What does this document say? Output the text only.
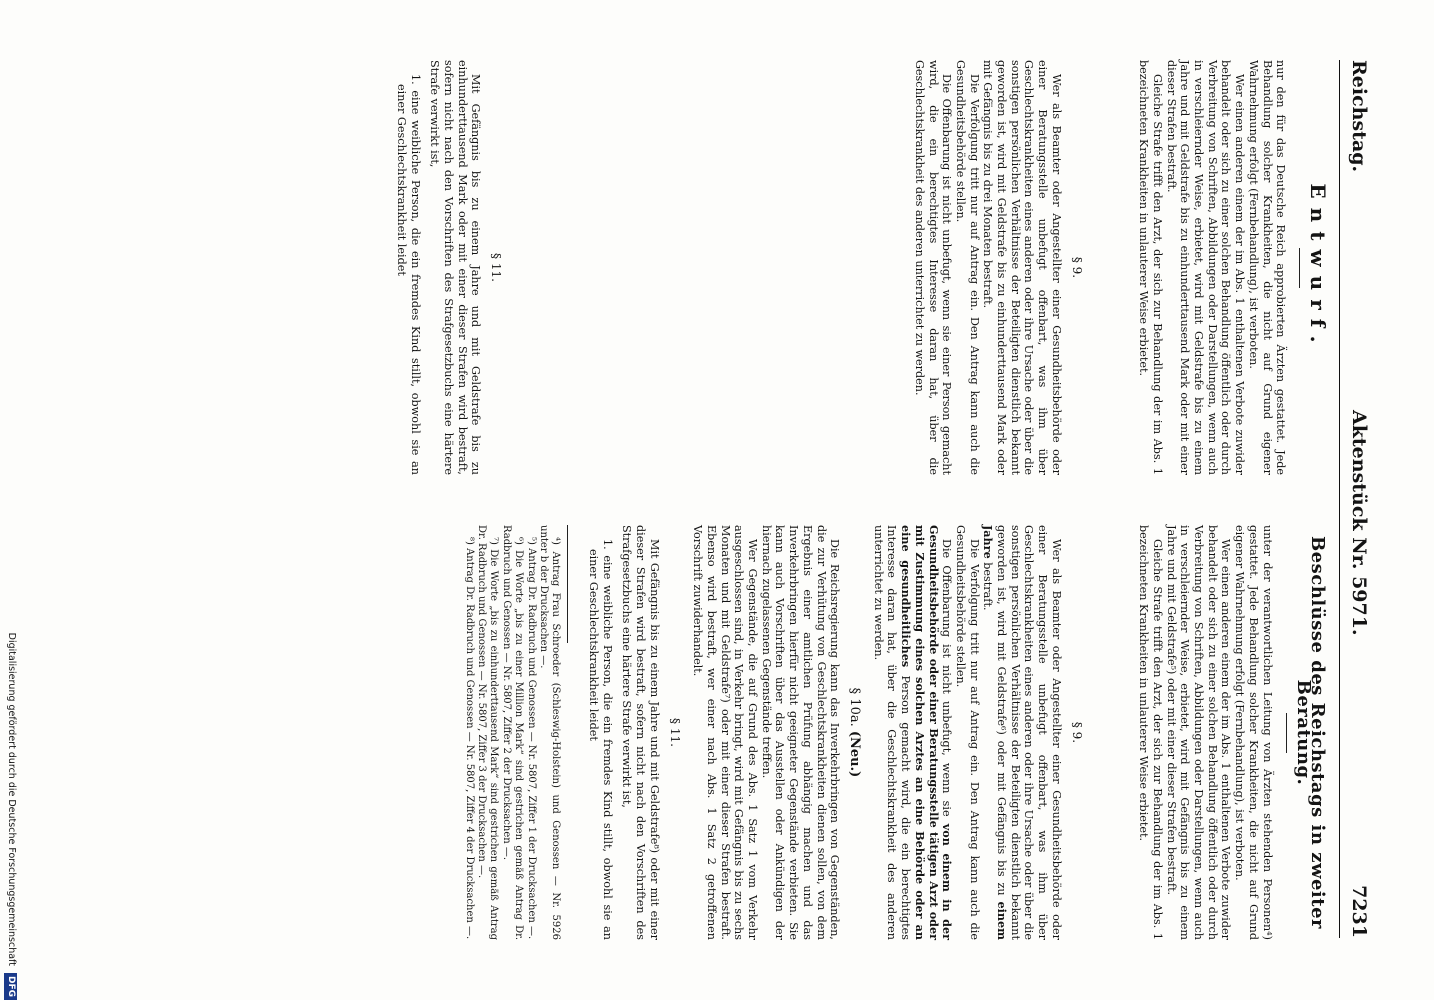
Reichstag.
Aktenstück Nr. 5971.
7231
Entwurf.

nur den für das Deutsche Reich approbierten Ärzten gestattet. Jede Behandlung solcher Krankheiten, die nicht auf Grund eigener Wahrnehmung erfolgt (Fernbehandlung), ist verboten.

Wer einen anderen einem der im Abs. 1 enthaltenen Verbote zuwider behandelt oder sich zu einer solchen Behandlung öffentlich oder durch Verbreitung von Schriften, Abbildungen oder Darstellungen, wenn auch in verschleiernder Weise, erbietet, wird mit Geldstrafe bis zu einem Jahre und mit Geldstrafe bis zu einhunderttausend Mark oder mit einer dieser Strafen bestraft.

Gleiche Strafe trifft den Arzt, der sich zur Behandlung der im Abs. 1 bezeichneten Krankheiten in unlauterer Weise erbietet.

§ 9.

Wer als Beamter oder Angestellter einer Gesundheitsbehörde oder einer Beratungsstelle unbefugt offenbart, was ihm über Geschlechtskrankheiten eines anderen oder ihre Ursache oder über die sonstigen persönlichen Verhältnisse der Beteiligten dienstlich bekannt geworden ist, wird mit Geldstrafe bis zu einhunderttausend Mark oder mit Gefängnis bis zu drei Monaten bestraft.

Die Verfolgung tritt nur auf Antrag ein. Den Antrag kann auch die Gesundheitsbehörde stellen.

Die Offenbarung ist nicht unbefugt, wenn sie einer Person gemacht wird, die ein berechtigtes Interesse daran hat, über die Geschlechtskrankheit des anderen unterrichtet zu werden.

§ 11.

Mit Gefängnis bis zu einem Jahre und mit Geldstrafe bis zu einhunderttausend Mark oder mit einer dieser Strafen wird bestraft, sofern nicht nach den Vorschriften des Strafgesetzbuchs eine härtere Strafe verwirkt ist,

1. eine weibliche Person, die ein fremdes Kind stillt, obwohl sie an einer Geschlechtskrankheit leidet

Beschlüsse des Reichstags in zweiter Beratung.

unter der verantwortlichen Leitung von Ärzten stehenden Personen⁴) gestattet. Jede Behandlung solcher Krankheiten, die nicht auf Grund eigener Wahrnehmung erfolgt (Fernbehandlung), ist verboten.

Wer einen anderen einem der im Abs. 1 enthaltenen Verbote zuwider behandelt oder sich zu einer solchen Behandlung öffentlich oder durch Verbreitung von Schriften, Abbildungen oder Darstellungen, wenn auch in verschleiernder Weise, erbietet, wird mit Gefängnis bis zu einem Jahre und mit Geldstrafe⁵) oder mit einer dieser Strafen bestraft.

Gleiche Strafe trifft den Arzt, der sich zur Behandlung der im Abs. 1 bezeichneten Krankheiten in unlauterer Weise erbietet.

§ 9.

Wer als Beamter oder Angestellter einer Gesundheitsbehörde oder einer Beratungsstelle unbefugt offenbart, was ihm über Geschlechtskrankheiten eines anderen oder ihre Ursache oder über die sonstigen persönlichen Verhältnisse der Beteiligten dienstlich bekannt geworden ist, wird mit Geldstrafe⁶) oder mit Gefängnis bis zu einem Jahre bestraft.

Die Verfolgung tritt nur auf Antrag ein. Den Antrag kann auch die Gesundheitsbehörde stellen.

Die Offenbarung ist nicht unbefugt, wenn sie von einem in der Gesundheitsbehörde oder einer Beratungsstelle tätigen Arzt oder mit Zustimmung eines solchen Arztes an eine Behörde oder an eine gesundheitliches Person gemacht wird, die ein berechtigtes Interesse daran hat, über die Geschlechtskrankheit des anderen unterrichtet zu werden.

§ 10a. (Neu.)

Die Reichsregierung kann das Inverkehrbringen von Gegenständen, die zur Verhütung von Geschlechtskrankheiten dienen sollen, von dem Ergebnis einer amtlichen Prüfung abhängig machen und das Inverkehrbringen hierfür nicht geeigneter Gegenstände verbieten. Sie kann auch Vorschriften über das Ausstellen oder Ankündigen der hiernach zugelassenen Gegenstände treffen.

Wer Gegenstände, die auf Grund des Abs. 1 Satz 1 vom Verkehr ausgeschlossen sind, in Verkehr bringt, wird mit Gefängnis bis zu sechs Monaten und mit Geldstrafe⁷) oder mit einer dieser Strafen bestraft. Ebenso wird bestraft, wer einer nach Abs. 1 Satz 2 getroffenen Vorschrift zuwiderhandelt.

§ 11.

Mit Gefängnis bis zu einem Jahre und mit Geldstrafe⁸) oder mit einer dieser Strafen wird bestraft, sofern nicht nach den Vorschriften des Strafgesetzbuchs eine härtere Strafe verwirkt ist,

1. eine weibliche Person, die ein fremdes Kind stillt, obwohl sie an einer Geschlechtskrankheit leidet

⁴) Antrag Frau Schroeder (Schleswig-Holstein) und Genossen — Nr. 5926 unter b der Drucksachen —.

⁵) Antrag Dr. Radbruch und Genossen — Nr. 5807, Ziffer 1 der Drucksachen —.

⁶) Die Worte „bis zu einer Million Mark“ sind gestrichen gemäß Antrag Dr. Radbruch und Genossen — Nr. 5807, Ziffer 2 der Drucksachen —.

⁷) Die Worte „bis zu einhunderttausend Mark“ sind gestrichen gemäß Antrag Dr. Radbruch und Genossen — Nr. 5807, Ziffer 3 der Drucksachen —.

⁸) Antrag Dr. Radbruch und Genossen — Nr. 5807, Ziffer 4 der Drucksachen —.

Digitalisierung gefördert durch die Deutsche Forschungsgemeinschaft DFG
